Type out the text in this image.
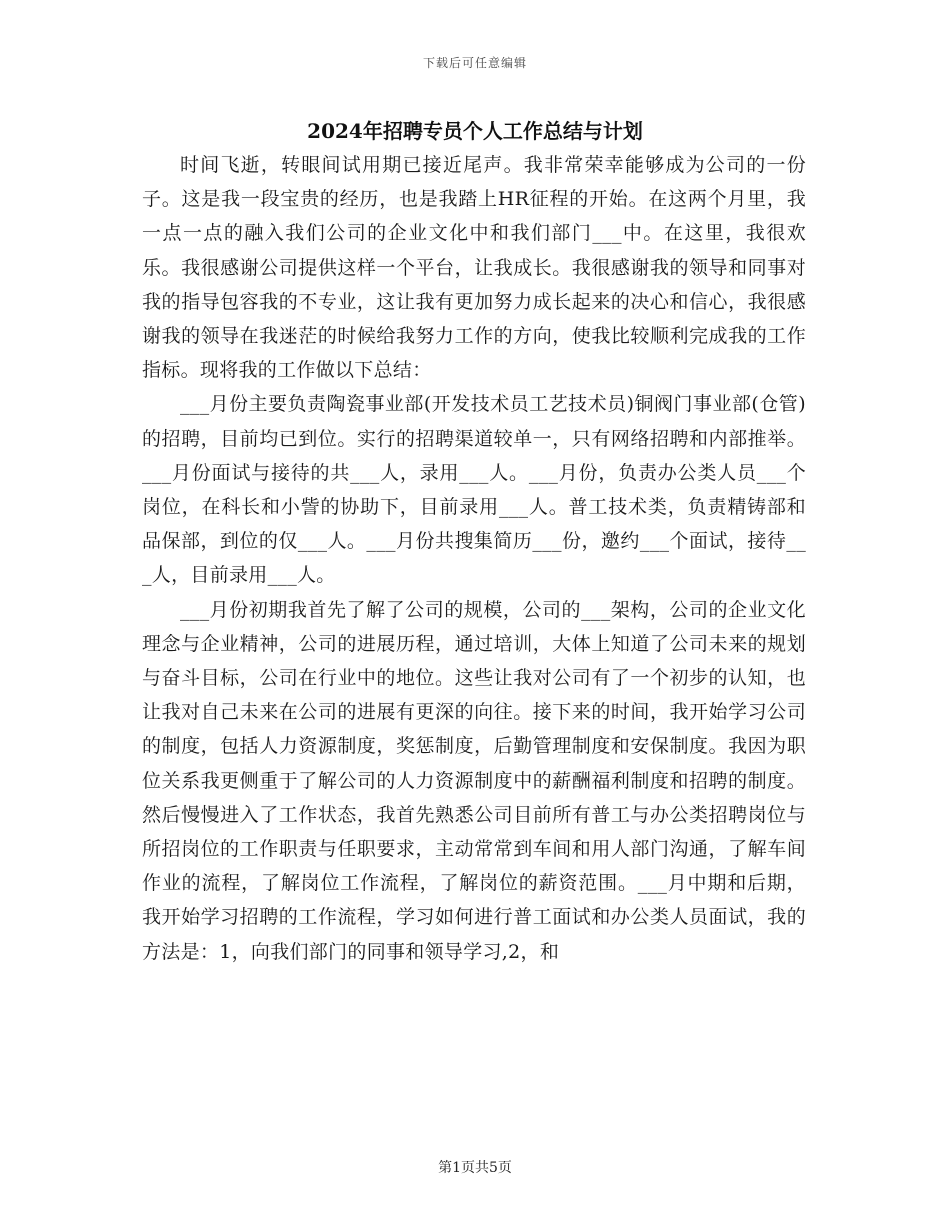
下载后可任意编辑
2024年招聘专员个人工作总结与计划

时间飞逝，转眼间试用期已接近尾声。我非常荣幸能够成为公司的一份子。这是我一段宝贵的经历，也是我踏上HR征程的开始。在这两个月里，我一点一点的融入我们公司的企业文化中和我们部门___中。在这里，我很欢乐。我很感谢公司提供这样一个平台，让我成长。我很感谢我的领导和同事对我的指导包容我的不专业，这让我有更加努力成长起来的决心和信心，我很感谢我的领导在我迷茫的时候给我努力工作的方向，使我比较顺利完成我的工作指标。现将我的工作做以下总结：

___月份主要负责陶瓷事业部(开发技术员工艺技术员)铜阀门事业部(仓管)的招聘，目前均已到位。实行的招聘渠道较单一，只有网络招聘和内部推举。___月份面试与接待的共___人，录用___人。___月份，负责办公类人员___个岗位，在科长和小訾的协助下，目前录用___人。普工技术类，负责精铸部和品保部，到位的仅___人。___月份共搜集简历___份，邀约___个面试，接待___人，目前录用___人。

___月份初期我首先了解了公司的规模，公司的___架构，公司的企业文化理念与企业精神，公司的进展历程，通过培训，大体上知道了公司未来的规划与奋斗目标，公司在行业中的地位。这些让我对公司有了一个初步的认知，也让我对自己未来在公司的进展有更深的向往。接下来的时间，我开始学习公司的制度，包括人力资源制度，奖惩制度，后勤管理制度和安保制度。我因为职位关系我更侧重于了解公司的人力资源制度中的薪酬福利制度和招聘的制度。然后慢慢进入了工作状态，我首先熟悉公司目前所有普工与办公类招聘岗位与所招岗位的工作职责与任职要求，主动常常到车间和用人部门沟通，了解车间作业的流程，了解岗位工作流程，了解岗位的薪资范围。___月中期和后期，我开始学习招聘的工作流程，学习如何进行普工面试和办公类人员面试，我的方法是：1，向我们部门的同事和领导学习,2，和

第1页共5页
